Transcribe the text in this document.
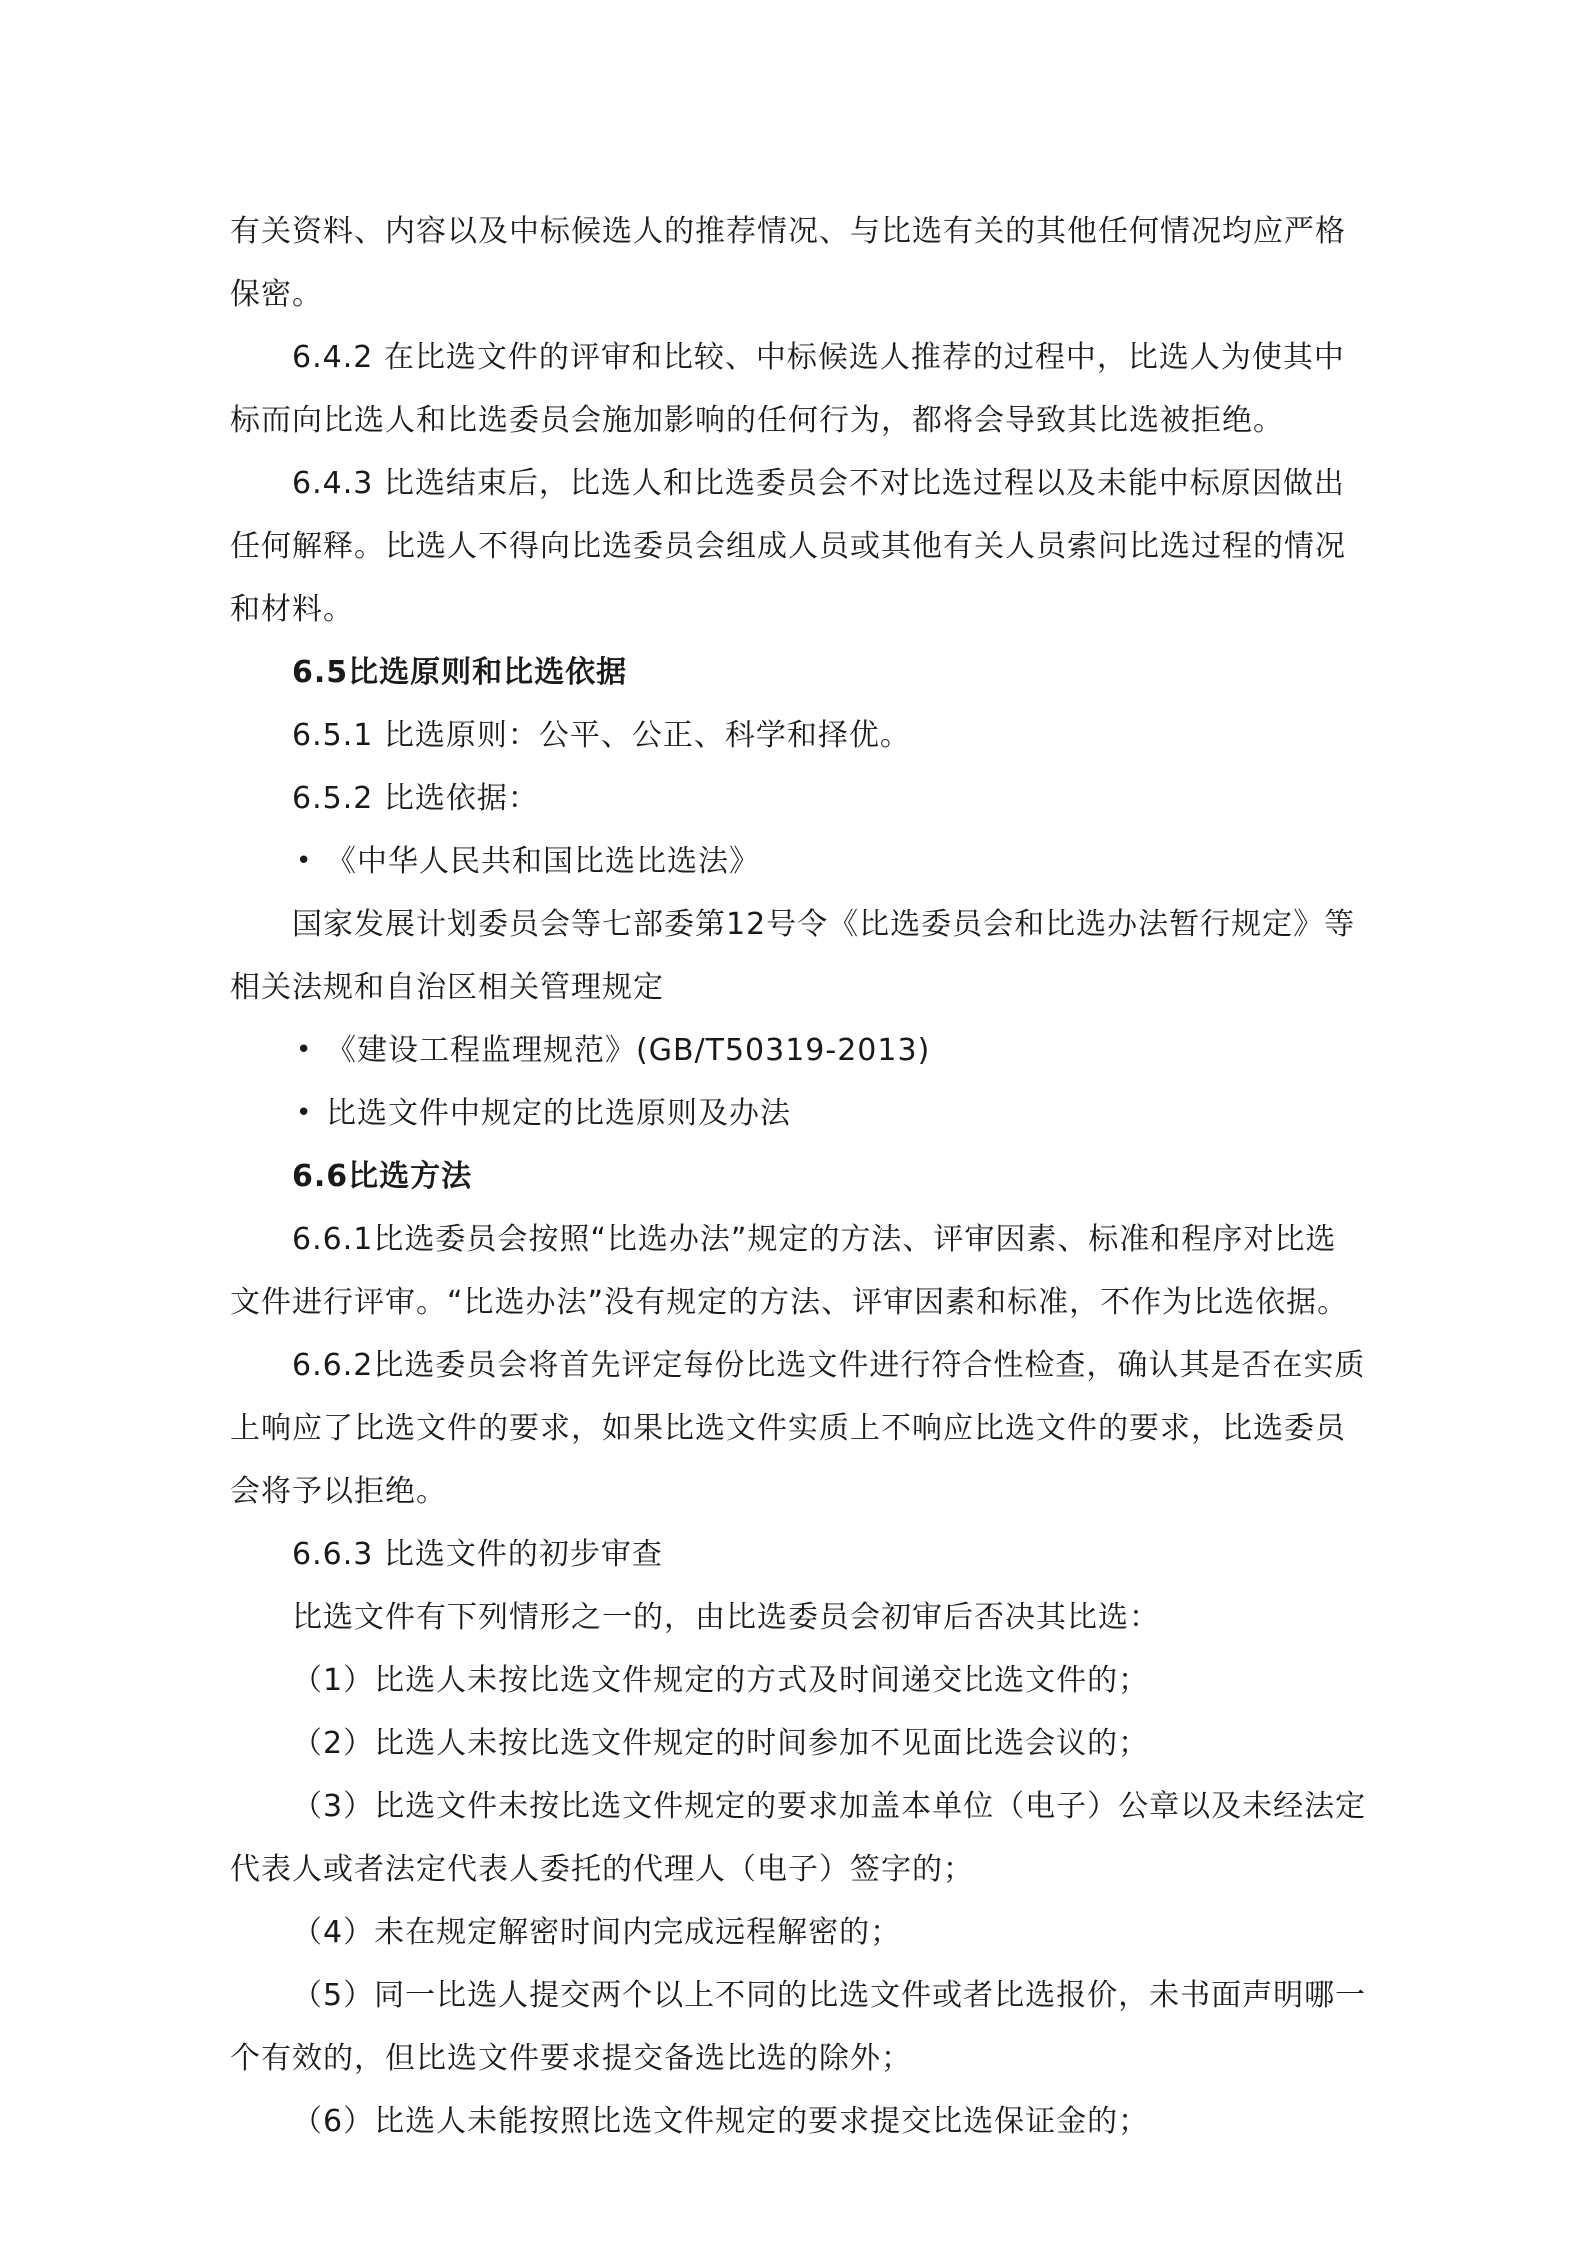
有关资料、内容以及中标候选人的推荐情况、与比选有关的其他任何情况均应严格
保密。
6.4.2 在比选文件的评审和比较、中标候选人推荐的过程中，比选人为使其中
标而向比选人和比选委员会施加影响的任何行为，都将会导致其比选被拒绝。
6.4.3 比选结束后，比选人和比选委员会不对比选过程以及未能中标原因做出
任何解释。比选人不得向比选委员会组成人员或其他有关人员索问比选过程的情况
和材料。
6.5比选原则和比选依据
6.5.1 比选原则：公平、公正、科学和择优。
6.5.2 比选依据：
• 《中华人民共和国比选比选法》
国家发展计划委员会等七部委第12号令《比选委员会和比选办法暂行规定》等
相关法规和自治区相关管理规定
• 《建设工程监理规范》(GB/T50319-2013)
• 比选文件中规定的比选原则及办法
6.6比选方法
6.6.1比选委员会按照“比选办法”规定的方法、评审因素、标准和程序对比选
文件进行评审。“比选办法”没有规定的方法、评审因素和标准，不作为比选依据。
6.6.2比选委员会将首先评定每份比选文件进行符合性检查，确认其是否在实质
上响应了比选文件的要求，如果比选文件实质上不响应比选文件的要求，比选委员
会将予以拒绝。
6.6.3 比选文件的初步审查
比选文件有下列情形之一的，由比选委员会初审后否决其比选：
（1）比选人未按比选文件规定的方式及时间递交比选文件的；
（2）比选人未按比选文件规定的时间参加不见面比选会议的；
（3）比选文件未按比选文件规定的要求加盖本单位（电子）公章以及未经法定
代表人或者法定代表人委托的代理人（电子）签字的；
（4）未在规定解密时间内完成远程解密的；
（5）同一比选人提交两个以上不同的比选文件或者比选报价，未书面声明哪一
个有效的，但比选文件要求提交备选比选的除外；
（6）比选人未能按照比选文件规定的要求提交比选保证金的；
